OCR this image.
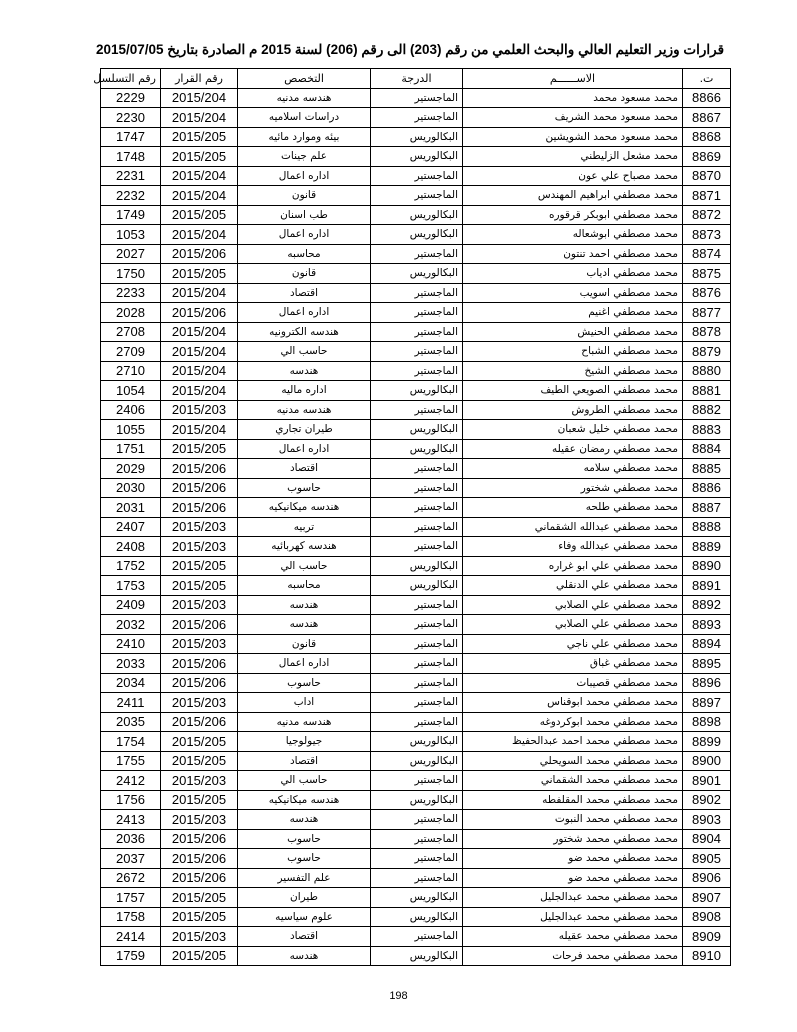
قرارات وزير التعليم العالي والبحث العلمي من رقم (203) الى رقم (206) لسنة 2015 م الصادرة بتاريخ 2015/07/05
ت.	الاســــــم	الدرجة	التخصص	رقم القرار	رقم التسلسل
8866	محمد مسعود محمد	الماجستير	هندسه مدنيه	2015/204	2229
8867	محمد مسعود محمد الشريف	الماجستير	دراسات اسلاميه	2015/204	2230
8868	محمد مسعود محمد الشويشين	البكالوريس	بيئه وموارد مائيه	2015/205	1747
8869	محمد مشعل الزليطني	البكالوريس	علم جينات	2015/205	1748
8870	محمد مصباح علي عون	الماجستير	اداره اعمال	2015/204	2231
8871	محمد مصطفي ابراهيم المهندس	الماجستير	قانون	2015/204	2232
8872	محمد مصطفي ابوبكر قرقوره	البكالوريس	طب اسنان	2015/205	1749
8873	محمد مصطفي ابوشعاله	البكالوريس	اداره اعمال	2015/204	1053
8874	محمد مصطفي احمد تنتون	الماجستير	محاسبه	2015/206	2027
8875	محمد مصطفي ادياب	البكالوريس	قانون	2015/205	1750
8876	محمد مصطفي اسويب	الماجستير	اقتصاد	2015/204	2233
8877	محمد مصطفي اغنيم	الماجستير	اداره اعمال	2015/206	2028
8878	محمد مصطفي الحنيش	الماجستير	هندسه الكترونيه	2015/204	2708
8879	محمد مصطفي الشباح	الماجستير	حاسب الي	2015/204	2709
8880	محمد مصطفي الشيخ	الماجستير	هندسه	2015/204	2710
8881	محمد مصطفي الصويعي الطيف	البكالوريس	اداره ماليه	2015/204	1054
8882	محمد مصطفي الطروش	الماجستير	هندسه مدنيه	2015/203	2406
8883	محمد مصطفي خليل شعبان	البكالوريس	طيران تجاري	2015/204	1055
8884	محمد مصطفي رمضان عقيله	البكالوريس	اداره اعمال	2015/205	1751
8885	محمد مصطفي سلامه	الماجستير	اقتصاد	2015/206	2029
8886	محمد مصطفي شختور	الماجستير	حاسوب	2015/206	2030
8887	محمد مصطفي طلحه	الماجستير	هندسه ميكانيكيه	2015/206	2031
8888	محمد مصطفي عبدالله الشقماني	الماجستير	تربيه	2015/203	2407
8889	محمد مصطفي عبدالله وفاء	الماجستير	هندسه كهربائيه	2015/203	2408
8890	محمد مصطفي علي ابو غراره	البكالوريس	حاسب الي	2015/205	1752
8891	محمد مصطفي علي الدنقلي	البكالوريس	محاسبه	2015/205	1753
8892	محمد مصطفي علي الصلابي	الماجستير	هندسه	2015/203	2409
8893	محمد مصطفي علي الصلابي	الماجستير	هندسه	2015/206	2032
8894	محمد مصطفي علي ناجي	الماجستير	قانون	2015/203	2410
8895	محمد مصطفي غباق	الماجستير	اداره اعمال	2015/206	2033
8896	محمد مصطفي قصيبات	الماجستير	حاسوب	2015/206	2034
8897	محمد مصطفي محمد ابوقناس	الماجستير	اداب	2015/203	2411
8898	محمد مصطفي محمد ابوكردوغه	الماجستير	هندسه مدنيه	2015/206	2035
8899	محمد مصطفي محمد احمد عبدالحفيظ	البكالوريس	جيولوجيا	2015/205	1754
8900	محمد مصطفي محمد السويحلي	البكالوريس	اقتصاد	2015/205	1755
8901	محمد مصطفي محمد الشقماني	الماجستير	حاسب الي	2015/203	2412
8902	محمد مصطفي محمد المقلفطه	البكالوريس	هندسه ميكانيكيه	2015/205	1756
8903	محمد مصطفي محمد النبوت	الماجستير	هندسه	2015/203	2413
8904	محمد مصطفي محمد شختور	الماجستير	حاسوب	2015/206	2036
8905	محمد مصطفي محمد ضو	الماجستير	حاسوب	2015/206	2037
8906	محمد مصطفي محمد ضو	الماجستير	علم التفسير	2015/206	2672
8907	محمد مصطفي محمد عبدالجليل	البكالوريس	طيران	2015/205	1757
8908	محمد مصطفي محمد عبدالجليل	البكالوريس	علوم سياسيه	2015/205	1758
8909	محمد مصطفي محمد عقيله	الماجستير	اقتصاد	2015/203	2414
8910	محمد مصطفي محمد فرحات	البكالوريس	هندسه	2015/205	1759
198
